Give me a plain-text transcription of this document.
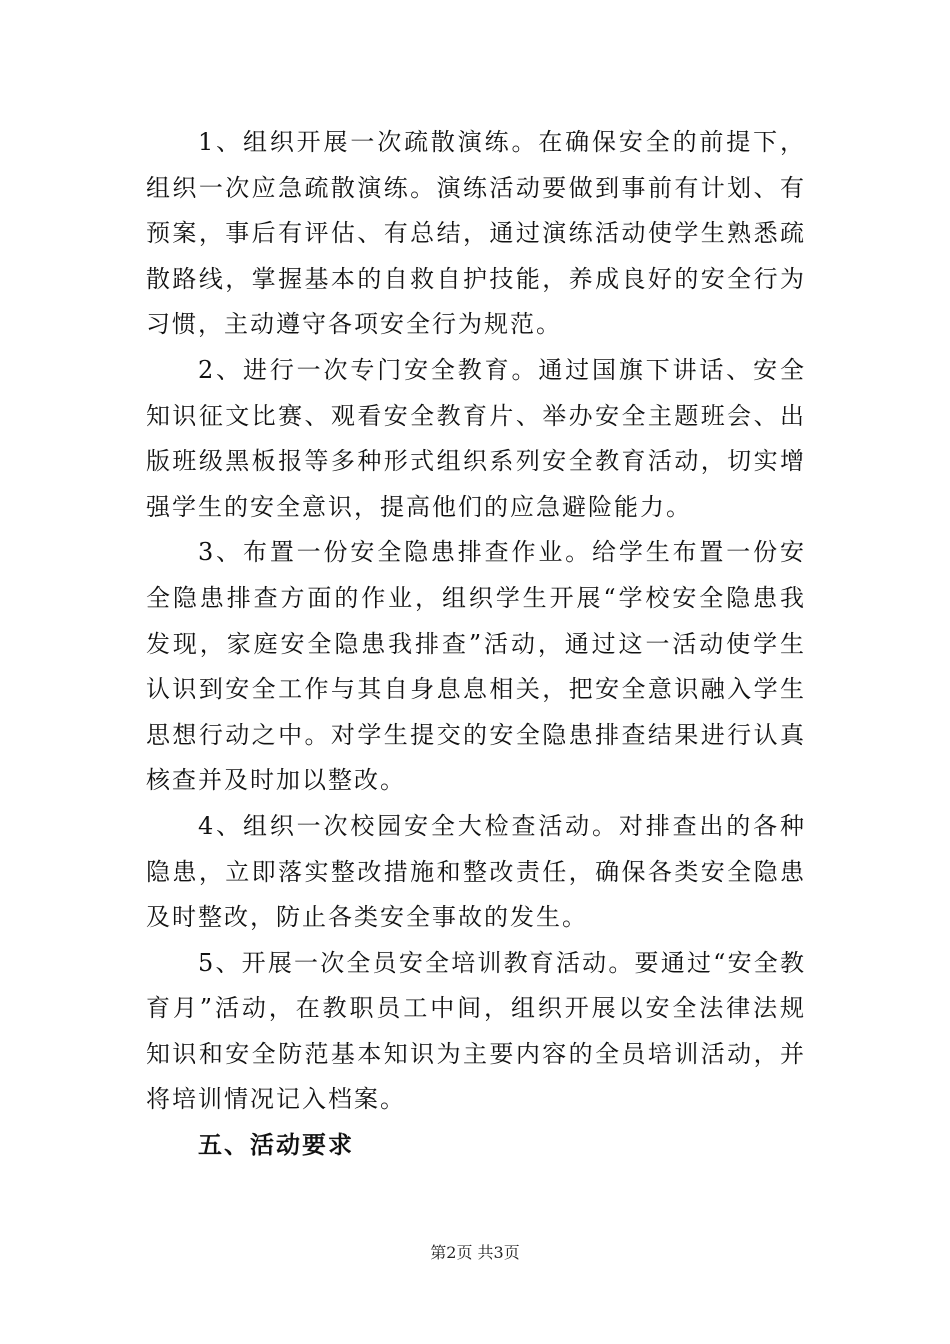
1、组织开展一次疏散演练。在确保安全的前提下，组织一次应急疏散演练。演练活动要做到事前有计划、有预案，事后有评估、有总结，通过演练活动使学生熟悉疏散路线，掌握基本的自救自护技能，养成良好的安全行为习惯，主动遵守各项安全行为规范。

2、进行一次专门安全教育。通过国旗下讲话、安全知识征文比赛、观看安全教育片、举办安全主题班会、出版班级黑板报等多种形式组织系列安全教育活动，切实增强学生的安全意识，提高他们的应急避险能力。

3、布置一份安全隐患排查作业。给学生布置一份安全隐患排查方面的作业，组织学生开展“学校安全隐患我发现，家庭安全隐患我排查”活动，通过这一活动使学生认识到安全工作与其自身息息相关，把安全意识融入学生思想行动之中。对学生提交的安全隐患排查结果进行认真核查并及时加以整改。

4、组织一次校园安全大检查活动。对排查出的各种隐患，立即落实整改措施和整改责任，确保各类安全隐患及时整改，防止各类安全事故的发生。

5、开展一次全员安全培训教育活动。要通过“安全教育月”活动，在教职员工中间，组织开展以安全法律法规知识和安全防范基本知识为主要内容的全员培训活动，并将培训情况记入档案。

五、活动要求

第2页 共3页
